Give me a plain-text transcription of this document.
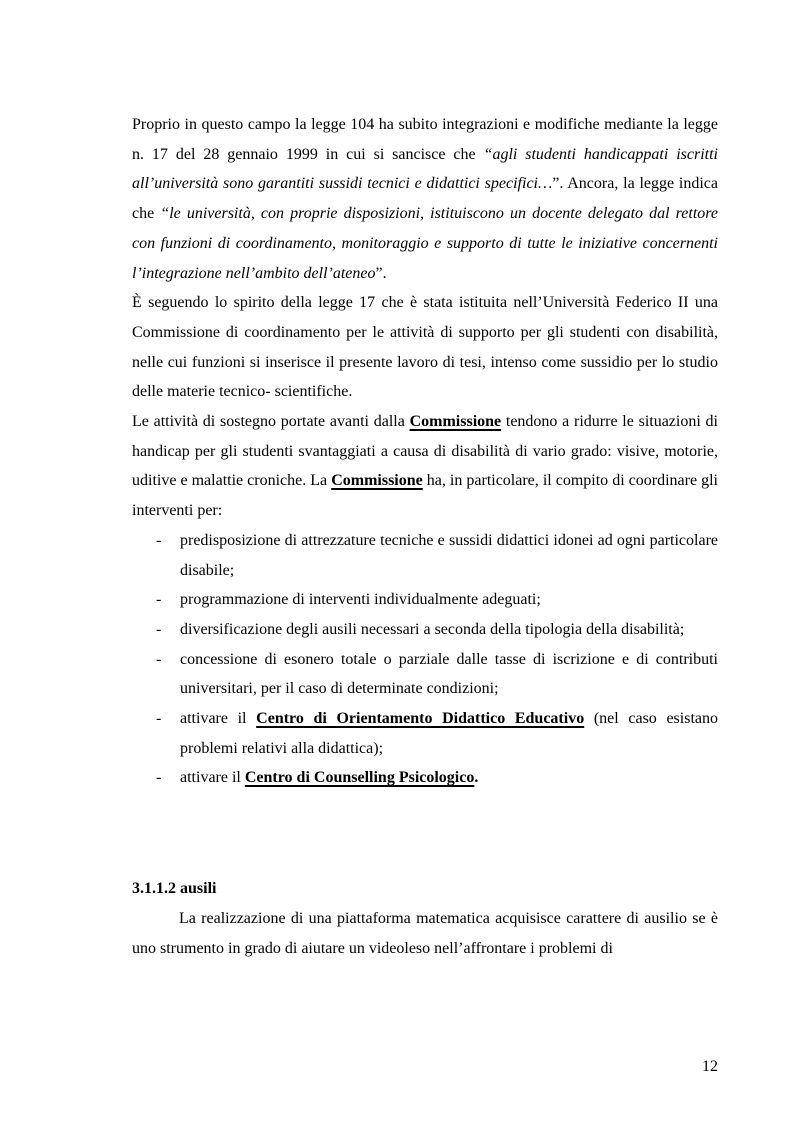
Proprio in questo campo la legge 104 ha subito integrazioni e modifiche mediante la legge n. 17 del 28 gennaio 1999 in cui si sancisce che “agli studenti handicappati iscritti all’università sono garantiti sussidi tecnici e didattici specifici…”. Ancora, la legge indica che “le università, con proprie disposizioni, istituiscono un docente delegato dal rettore con funzioni di coordinamento, monitoraggio e supporto di tutte le iniziative concernenti l’integrazione nell’ambito dell’ateneo”.

È seguendo lo spirito della legge 17 che è stata istituita nell’Università Federico II una Commissione di coordinamento per le attività di supporto per gli studenti con disabilità, nelle cui funzioni si inserisce il presente lavoro di tesi, intenso come sussidio per lo studio delle materie tecnico- scientifiche.

Le attività di sostegno portate avanti dalla Commissione tendono a ridurre le situazioni di handicap per gli studenti svantaggiati a causa di disabilità di vario grado: visive, motorie, uditive e malattie croniche. La Commissione ha, in particolare, il compito di coordinare gli interventi per:

- predisposizione di attrezzature tecniche e sussidi didattici idonei ad ogni particolare disabile;
- programmazione di interventi individualmente adeguati;
- diversificazione degli ausili necessari a seconda della tipologia della disabilità;
- concessione di esonero totale o parziale dalle tasse di iscrizione e di contributi universitari, per il caso di determinate condizioni;
- attivare il Centro di Orientamento Didattico Educativo (nel caso esistano problemi relativi alla didattica);
- attivare il Centro di Counselling Psicologico.
3.1.1.2 ausili

La realizzazione di una piattaforma matematica acquisisce carattere di ausilio se è uno strumento in grado di aiutare un videoleso nell’affrontare i problemi di

12
